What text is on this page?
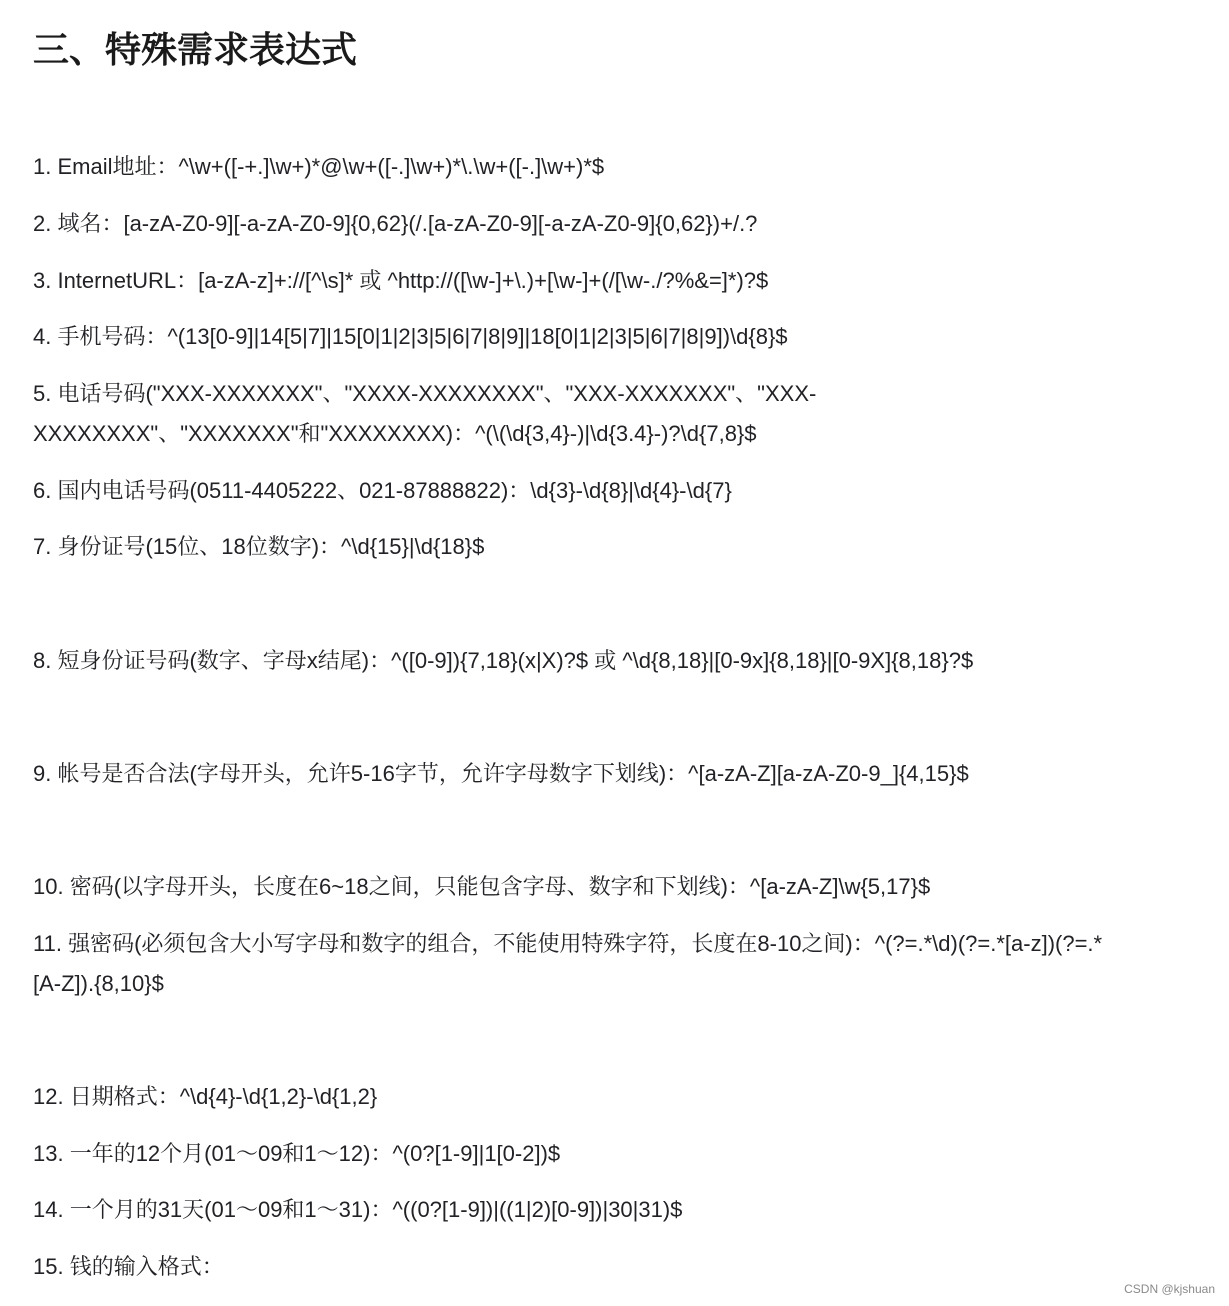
三、特殊需求表达式

1. Email地址：^\w+([-+.]\w+)*@\w+([-.]\w+)*\.\w+([-.]\w+)*$

2. 域名：[a-zA-Z0-9][-a-zA-Z0-9]{0,62}(/.[a-zA-Z0-9][-a-zA-Z0-9]{0,62})+/.?

3. InternetURL：[a-zA-z]+://[^\s]* 或 ^http://([\w-]+\.)+[\w-]+(/[\w-./?%&=]*)?$

4. 手机号码：^(13[0-9]|14[5|7]|15[0|1|2|3|5|6|7|8|9]|18[0|1|2|3|5|6|7|8|9])\d{8}$

5. 电话号码("XXX-XXXXXXX"、"XXXX-XXXXXXXX"、"XXX-XXXXXXX"、"XXX-

XXXXXXXX"、"XXXXXXX"和"XXXXXXXX)：^(\(\d{3,4}-)|\d{3.4}-)?\d{7,8}$

6. 国内电话号码(0511-4405222、021-87888822)：\d{3}-\d{8}|\d{4}-\d{7}

7. 身份证号(15位、18位数字)：^\d{15}|\d{18}$

8. 短身份证号码(数字、字母x结尾)：^([0-9]){7,18}(x|X)?$ 或 ^\d{8,18}|[0-9x]{8,18}|[0-9X]{8,18}?$

9. 帐号是否合法(字母开头，允许5-16字节，允许字母数字下划线)：^[a-zA-Z][a-zA-Z0-9_]{4,15}$

10. 密码(以字母开头，长度在6~18之间，只能包含字母、数字和下划线)：^[a-zA-Z]\w{5,17}$

11. 强密码(必须包含大小写字母和数字的组合，不能使用特殊字符，长度在8-10之间)：^(?=.*\d)(?=.*[a-z])(?=.*

[A-Z]).{8,10}$

12. 日期格式：^\d{4}-\d{1,2}-\d{1,2}

13. 一年的12个月(01～09和1～12)：^(0?[1-9]|1[0-2])$

14. 一个月的31天(01～09和1～31)：^((0?[1-9])|((1|2)[0-9])|30|31)$

15. 钱的输入格式：

CSDN @kjshuan
